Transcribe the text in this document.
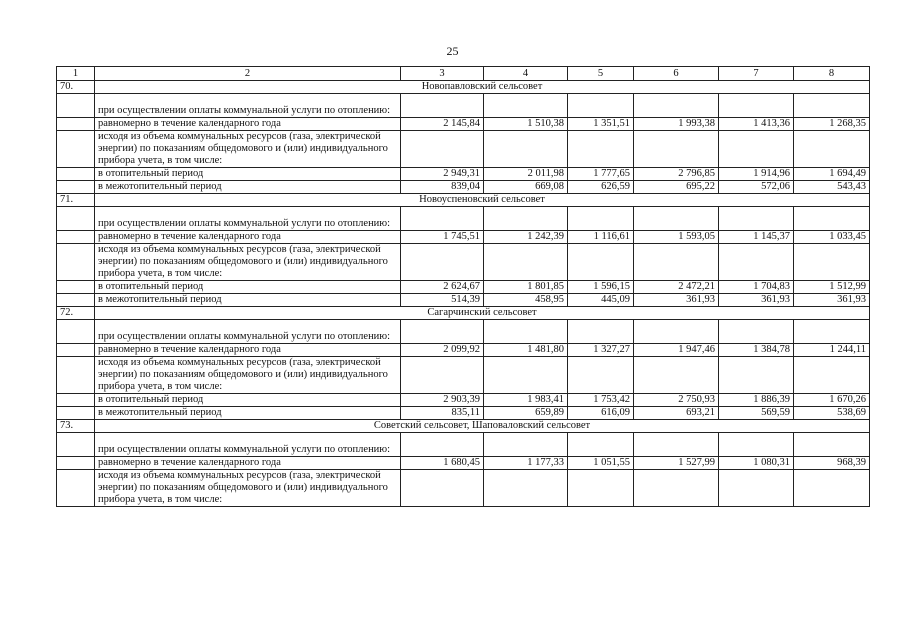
25
1	2	3	4	5	6	7	8
70.	Новопавловский сельсовет						
	при осуществлении оплаты коммунальной услуги по отоплению:						
	равномерно в течение календарного года	2 145,84	1 510,38	1 351,51	1 993,38	1 413,36	1 268,35
	исходя из объема коммунальных ресурсов (газа, электрической энергии) по показаниям общедомового и (или) индивидуального прибора учета, в том числе:						
	в отопительный период	2 949,31	2 011,98	1 777,65	2 796,85	1 914,96	1 694,49
	в межотопительный период	839,04	669,08	626,59	695,22	572,06	543,43
71.	Новоуспеновский сельсовет						
	при осуществлении оплаты коммунальной услуги по отоплению:						
	равномерно в течение календарного года	1 745,51	1 242,39	1 116,61	1 593,05	1 145,37	1 033,45
	исходя из объема коммунальных ресурсов (газа, электрической энергии) по показаниям общедомового и (или) индивидуального прибора учета, в том числе:						
	в отопительный период	2 624,67	1 801,85	1 596,15	2 472,21	1 704,83	1 512,99
	в межотопительный период	514,39	458,95	445,09	361,93	361,93	361,93
72.	Сагарчинский сельсовет						
	при осуществлении оплаты коммунальной услуги по отоплению:						
	равномерно в течение календарного года	2 099,92	1 481,80	1 327,27	1 947,46	1 384,78	1 244,11
	исходя из объема коммунальных ресурсов (газа, электрической энергии) по показаниям общедомового и (или) индивидуального прибора учета, в том числе:						
	в отопительный период	2 903,39	1 983,41	1 753,42	2 750,93	1 886,39	1 670,26
	в межотопительный период	835,11	659,89	616,09	693,21	569,59	538,69
73.	Советский сельсовет, Шаповаловский сельсовет						
	при осуществлении оплаты коммунальной услуги по отоплению:						
	равномерно в течение календарного года	1 680,45	1 177,33	1 051,55	1 527,99	1 080,31	968,39
	исходя из объема коммунальных ресурсов (газа, электрической энергии) по показаниям общедомового и (или) индивидуального прибора учета, в том числе:						
